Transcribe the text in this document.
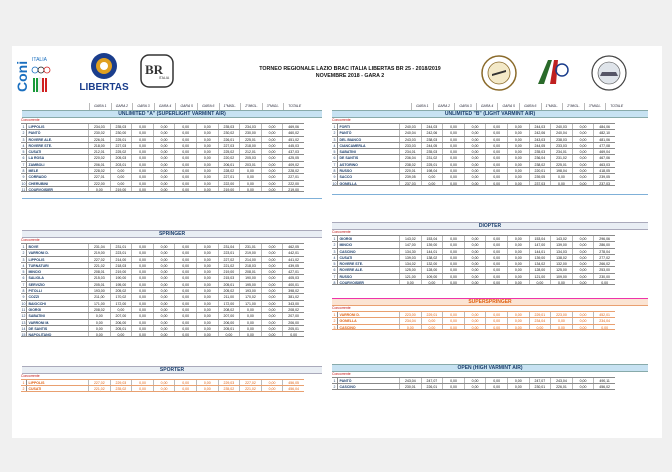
Coni
ITALIA
LIBERTAS
BR
ITALIA
TORNEO REGIONALE LAZIO BRAC ITALIA LIBERTAS BR 25 - 2018/2019
NOVEMBRE 2018 - GARA 2
GARA 1	GARA 2	GARA 3	GARA 4	GARA 5	GARA 6	1°MIGL.	2°MIGL.	3°MIGL.	TOTALE	GARA 1	GARA 2	GARA 3	GARA 4	GARA 5	GARA 6	1°MIGL.	2°MIGL.	3°MIGL.	TOTALE
UNLIMITED "A" (SUPERLIGHT VARMINT AIR)
Concorrente
1	LIPPOLIS	234,03	235,03	0,00	0,00	0,00	0,00	235,03	234,03	0,00	469,06
2	PANTÒ	230,02	230,00	0,00	0,00	0,00	0,00	230,02	230,00	0,00	460,02
3	ROVERE ALE.	226,01	225,01	0,00	0,00	0,00	0,00	226,01	225,01	0,00	451,02
4	ROVERE STE.	218,00	227,03	0,00	0,00	0,00	0,00	227,03	218,00	0,00	445,03
5	CUSATI	212,01	225,02	0,00	0,00	0,00	0,00	225,02	212,01	0,00	437,03
6	LA ROSA	220,02	205,03	0,00	0,00	0,00	0,00	220,02	205,03	0,00	425,05
7	ZAMBOLI	206,01	203,01	0,00	0,00	0,00	0,00	206,01	203,01	0,00	409,02
8	MELE	228,02	0,00	0,00	0,00	0,00	0,00	228,02	0,00	0,00	228,02
9	CORRADO	227,01	0,00	0,00	0,00	0,00	0,00	227,01	0,00	0,00	227,01
10 CHERUBINI	222,00	0,00	0,00	0,00	0,00	0,00	222,00	0,00	0,00	222,00
11 COURVOISIER	0,00	219,00	0,00	0,00	0,00	0,00	219,00	0,00	0,00	219,00
SPRINGER
Concorrente
1	BOVE	231,04	231,01	0,00	0,00	0,00	0,00	231,04	231,01	0,00	462,05
2	VARRONI D.	219,00	223,01	0,00	0,00	0,00	0,00	223,01	219,00	0,00	442,01
3	LIPPOLIS	227,02	214,00	0,00	0,00	0,00	0,00	227,02	214,00	0,00	441,02
4	TURNATURI	221,02	218,03	0,00	0,00	0,00	0,00	221,02	218,03	0,00	439,05
5	MINCIO	208,01	219,00	0,00	0,00	0,00	0,00	219,00	208,01	0,00	427,01
6	SALIOLA	215,03	190,00	0,00	0,00	0,00	0,00	215,03	190,00	0,00	405,03
7	SERVIZIO	205,01	195,00	0,00	0,00	0,00	0,00	205,01	195,00	0,00	400,01
8	PITOLLI	193,00	205,02	0,00	0,00	0,00	0,00	205,02	193,00	0,00	398,02
9	COZZI	211,00	170,02	0,00	0,00	0,00	0,00	211,00	170,02	0,00	381,02
10 BAIOCCHI	171,00	172,00	0,00	0,00	0,00	0,00	172,00	171,00	0,00	343,00
11 GIORGI	208,02	0,00	0,00	0,00	0,00	0,00	208,02	0,00	0,00	208,02
12 SABATINI	0,00	207,00	0,00	0,00	0,00	0,00	207,00	0,00	0,00	207,00
13 VARRONI M.	0,00	206,00	0,00	0,00	0,00	0,00	206,00	0,00	0,00	206,00
14 DE SANTIS	0,00	205,01	0,00	0,00	0,00	0,00	205,01	0,00	0,00	205,01
15 NAPOLITANO	0,00	0,00	0,00	0,00	0,00	0,00	0,00	0,00	0,00	0,00
SPORTER
Concorrente
1	LIPPOLIS	227,02	229,03	0,00	0,00	0,00	0,00	229,03	227,02	0,00	456,05
2	CUSATI	221,02	235,02	0,00	0,00	0,00	0,00	235,02	221,02	0,00	456,04
UNLIMITED "B" (LIGHT VARMINT AIR)
Concorrente
1	FORTI	240,03	244,03	0,00	0,00	0,00	0,00	244,03	240,03	0,00	484,06
2	PANTÒ	240,04	242,06	0,00	0,00	0,00	0,00	242,06	240,04	0,00	482,10
3	DEL BIANCO	243,03	238,03	0,00	0,00	0,00	0,00	243,03	238,03	0,00	481,06
4	CIANCAMERLA	233,03	244,05	0,00	0,00	0,00	0,00	244,05	233,03	0,00	477,08
5	SABATINI	234,01	235,03	0,00	0,00	0,00	0,00	235,03	234,01	0,00	469,04
6	DE SANTIS	236,04	231,02	0,00	0,00	0,00	0,00	236,04	231,02	0,00	467,06
7	ASTORINO	238,02	225,01	0,00	0,00	0,00	0,00	238,02	225,01	0,00	463,03
8	RUSSO	220,01	198,04	0,00	0,00	0,00	0,00	220,01	198,04	0,00	418,05
9	SACCO	239,05	0,00	0,00	0,00	0,00	0,00	239,05	0,00	0,00	239,05
10 GONELLA	237,03	0,00	0,00	0,00	0,00	0,00	237,03	0,00	0,00	237,03
DIOPTER
Concorrente
1	GIORGI	143,02	153,04	0,00	0,00	0,00	0,00	153,04	143,02	0,00	296,06
2	MINCIO	147,00	139,00	0,00	0,00	0,00	0,00	147,00	139,00	0,00	286,00
3	CASCINO	134,30	144,01	0,00	0,00	0,00	0,00	144,01	134,03	0,00	278,04
4	CUSATI	139,03	138,02	0,00	0,00	0,00	0,00	139,00	138,02	0,00	277,02
5	ROVERE STE.	134,02	132,00	0,00	0,00	0,00	0,00	134,02	132,00	0,00	266,02
6	ROVERE ALE.	125,00	128,00	0,00	0,00	0,00	0,00	128,00	125,00	0,00	253,00
7	RUSSO	121,00	109,00	0,00	0,00	0,00	0,00	121,00	109,00	0,00	230,00
8	COURVOISIER	0,00	0,00	0,00	0,00	0,00	0,00	0,00	0,00	0,00	0,00
SUPERSPRINGER
Concorrente
1	VARRONI D.	223,00	229,01	0,00	0,00	0,00	0,00	229,01	223,00	0,00	452,01
2	GONELLA	234,04	0,00	0,00	0,00	0,00	0,00	234,04	0,00	0,00	234,04
3	CASCINO	0,00	0,00	0,00	0,00	0,00	0,00	0,00	0,00	0,00	0,00
OPEN (HIGH VARMINT AIR)
Concorrente
1	PANTÒ	243,04	247,07	0,00	0,00	0,00	0,00	247,07	243,04	0,00	490,11
2	CASCINO	230,01	226,01	0,00	0,00	0,00	0,00	230,01	226,01	0,00	456,02
